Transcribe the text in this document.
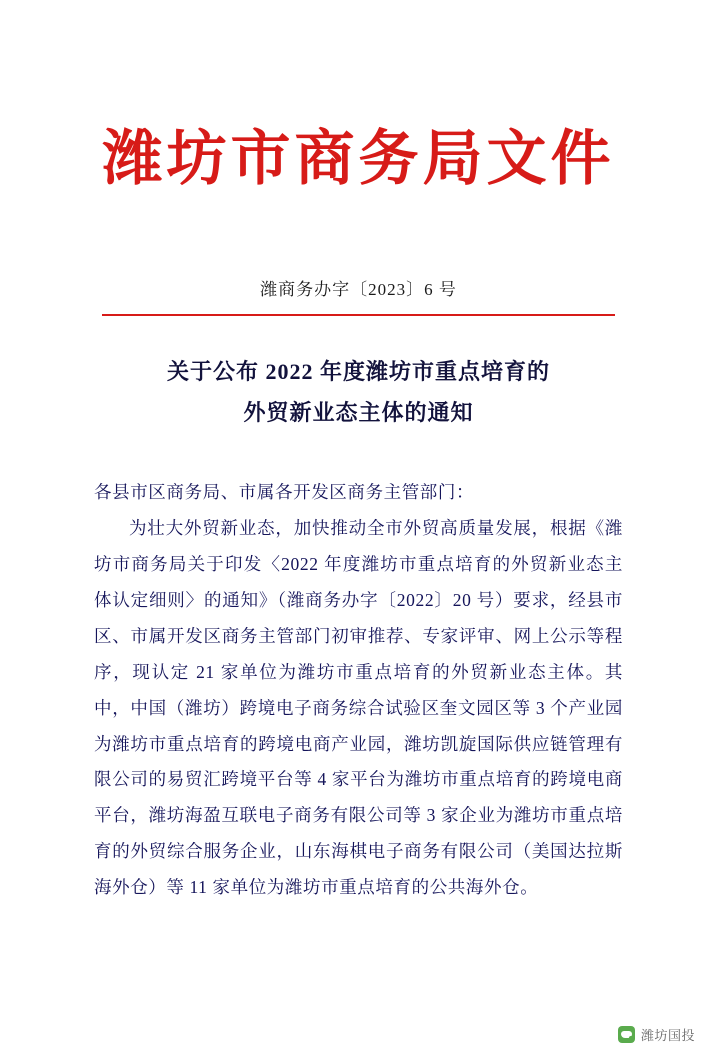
潍坊市商务局文件
潍商务办字〔2023〕6 号
关于公布 2022 年度潍坊市重点培育的
外贸新业态主体的通知

各县市区商务局、市属各开发区商务主管部门：

为壮大外贸新业态，加快推动全市外贸高质量发展，根据《潍坊市商务局关于印发〈2022 年度潍坊市重点培育的外贸新业态主体认定细则〉的通知》（潍商务办字〔2022〕20 号）要求，经县市区、市属开发区商务主管部门初审推荐、专家评审、网上公示等程序，现认定 21 家单位为潍坊市重点培育的外贸新业态主体。其中，中国（潍坊）跨境电子商务综合试验区奎文园区等 3 个产业园为潍坊市重点培育的跨境电商产业园，潍坊凯旋国际供应链管理有限公司的易贸汇跨境平台等 4 家平台为潍坊市重点培育的跨境电商平台，潍坊海盈互联电子商务有限公司等 3 家企业为潍坊市重点培育的外贸综合服务企业，山东海棋电子商务有限公司（美国达拉斯海外仓）等 11 家单位为潍坊市重点培育的公共海外仓。

潍坊国投
